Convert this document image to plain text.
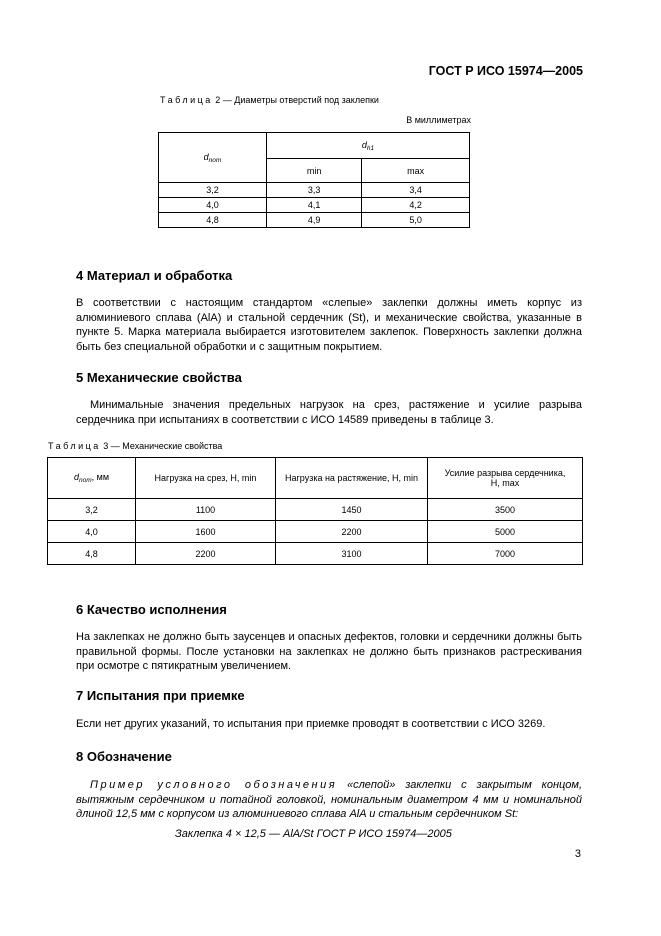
ГОСТ Р ИСО 15974—2005
Таблица 2 — Диаметры отверстий под заклепки
В миллиметрах
$d_{nom}$	$d_{h1}$
	min	max
3,2	3,3	3,4
4,0	4,1	4,2
4,8	4,9	5,0
4 Материал и обработка

В соответствии с настоящим стандартом «слепые» заклепки должны иметь корпус из алюминиевого сплава (AlA) и стальной сердечник (St), и механические свойства, указанные в пункте 5. Марка материала выбирается изготовителем заклепок. Поверхность заклепки должна быть без специальной обработки и с защитным покрытием.

5 Механические свойства

Минимальные значения предельных нагрузок на срез, растяжение и усилие разрыва сердечника при испытаниях в соответствии с ИСО 14589 приведены в таблице 3.

Таблица 3 — Механические свойства
$d_{nom}$, мм	Нагрузка на срез, Н, min	Нагрузка на растяжение, Н, min	Усилие разрыва сердечника, Н, max
3,2	1100	1450	3500
4,0	1600	2200	5000
4,8	2200	3100	7000
6 Качество исполнения

На заклепках не должно быть заусенцев и опасных дефектов, головки и сердечники должны быть правильной формы. После установки на заклепках не должно быть признаков растрескивания при осмотре с пятикратным увеличением.

7 Испытания при приемке

Если нет других указаний, то испытания при приемке проводят в соответствии с ИСО 3269.

8 Обозначение

Пример условного обозначения «слепой» заклепки с закрытым концом, вытяжным сердечником и потайной головкой, номинальным диаметром 4 мм и номинальной длиной 12,5 мм с корпусом из алюминиевого сплава AlA и стальным сердечником St:

Заклепка 4 × 12,5 — AlA/St ГОСТ Р ИСО 15974—2005
3
